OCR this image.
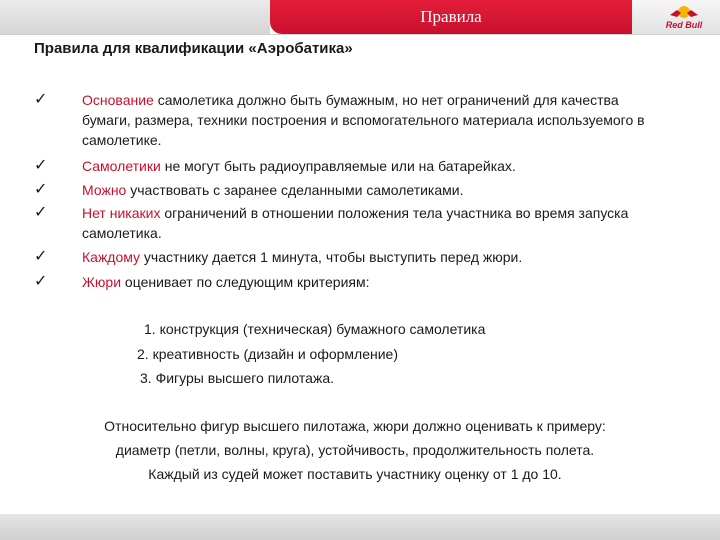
Правила	Red Bull
Правила для квалификации «Аэробатика»
✓ Основание самолетика должно быть бумажным, но нет ограничений для качества бумаги, размера, техники построения и вспомогательного материала используемого в самолетике.
✓ Самолетики не могут быть радиоуправляемые или на батарейках.
✓ Можно участвовать с заранее сделанными самолетиками.
✓ Нет никаких ограничений в отношении положения тела участника во время запуска самолетика.
✓ Каждому участнику дается 1 минута, чтобы выступить перед жюри.
✓ Жюри оценивает по следующим критериям:
1. конструкция (техническая) бумажного самолетика
2. креативность (дизайн и оформление)
3. Фигуры высшего пилотажа.
Относительно фигур высшего пилотажа, жюри должно оценивать к примеру:
диаметр (петли, волны, круга), устойчивость, продолжительность полета.
Каждый из судей может поставить участнику оценку от 1 до 10.
